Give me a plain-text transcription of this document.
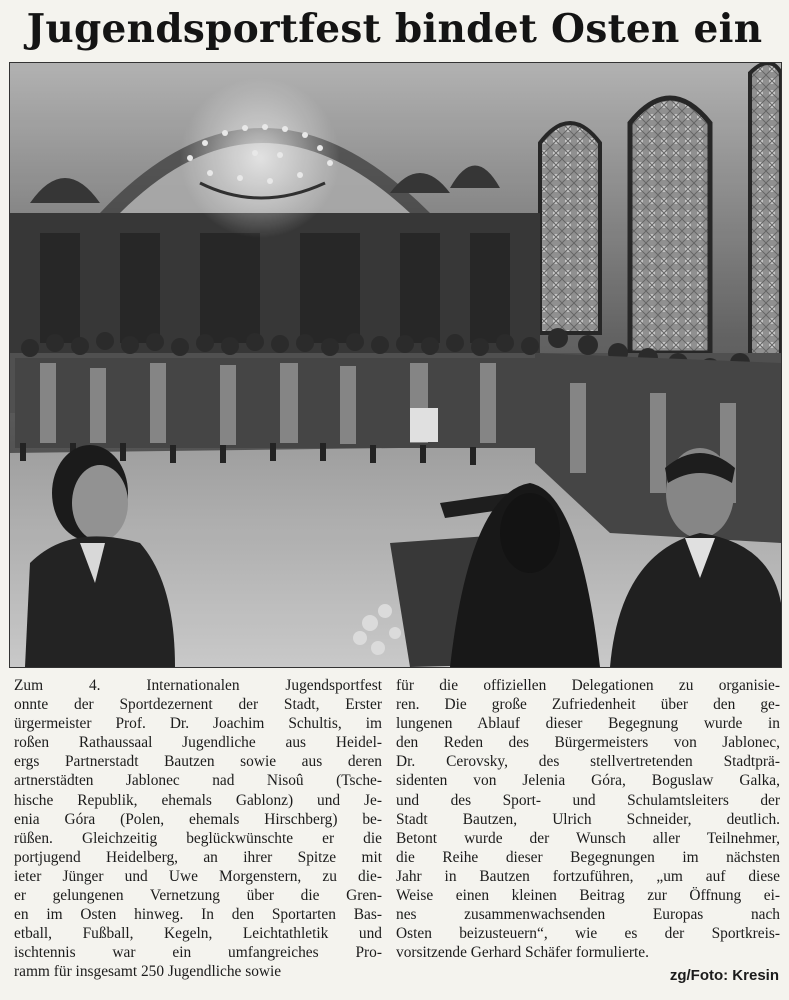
Jugendsportfest bindet Osten ein
Zum 4. Internationalen Jugendsportfest
onnte der Sportdezernent der Stadt, Erster
ürgermeister Prof. Dr. Joachim Schultis, im
roßen Rathaussaal Jugendliche aus Heidel-
ergs Partnerstadt Bautzen sowie aus deren
artnerstädten Jablonec nad Nisoû (Tsche-
hische Republik, ehemals Gablonz) und Je-
enia Góra (Polen, ehemals Hirschberg) be-
rüßen. Gleichzeitig beglückwünschte er die
portjugend Heidelberg, an ihrer Spitze mit
ieter Jünger und Uwe Morgenstern, zu die-
er gelungenen Vernetzung über die Gren-
en im Osten hinweg. In den Sportarten Bas-
etball, Fußball, Kegeln, Leichtathletik und
ischtennis war ein umfangreiches Pro-
ramm für insgesamt 250 Jugendliche sowie
für die offiziellen Delegationen zu organisie-
ren. Die große Zufriedenheit über den ge-
lungenen Ablauf dieser Begegnung wurde in
den Reden des Bürgermeisters von Jablonec,
Dr. Cerovsky, des stellvertretenden Stadtprä-
sidenten von Jelenia Góra, Boguslaw Galka,
und des Sport- und Schulamtsleiters der
Stadt Bautzen, Ulrich Schneider, deutlich.
Betont wurde der Wunsch aller Teilnehmer,
die Reihe dieser Begegnungen im nächsten
Jahr in Bautzen fortzuführen, „um auf diese
Weise einen kleinen Beitrag zur Öffnung ei-
nes zusammenwachsenden Europas nach
Osten beizusteuern“, wie es der Sportkreis-
vorsitzende Gerhard Schäfer formulierte.
zg/Foto: Kresin
